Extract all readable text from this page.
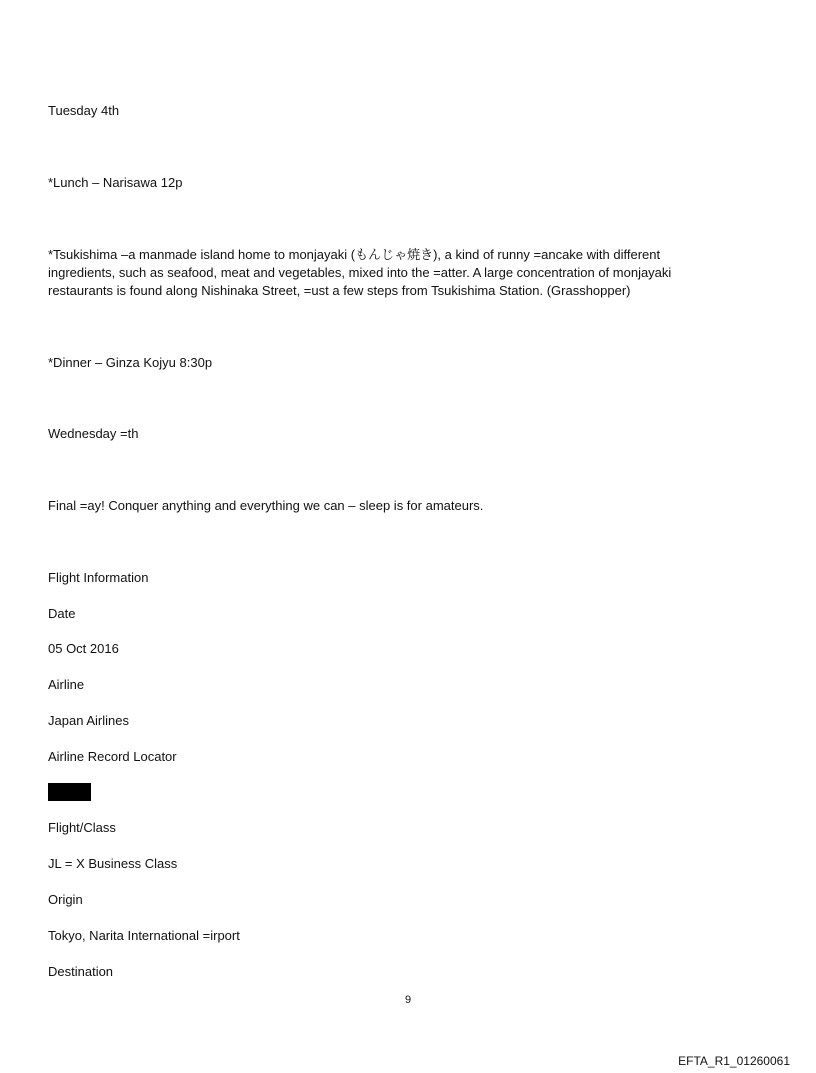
Tuesday 4th
*Lunch – Narisawa 12p
*Tsukishima –a manmade island home to monjayaki (もんじゃ焼き), a kind of runny =ancake with different
ingredients, such as seafood, meat and vegetables, mixed into the =atter. A large concentration of monjayaki
restaurants is found along Nishinaka Street, =ust a few steps from Tsukishima Station. (Grasshopper)
*Dinner – Ginza Kojyu 8:30p
Wednesday =th
Final =ay! Conquer anything and everything we can – sleep is for amateurs.
Flight Information
Date
05 Oct 2016
Airline
Japan Airlines
Airline Record Locator
Flight/Class
JL = X Business Class
Origin
Tokyo, Narita International =irport
Destination
9
EFTA_R1_01260061
